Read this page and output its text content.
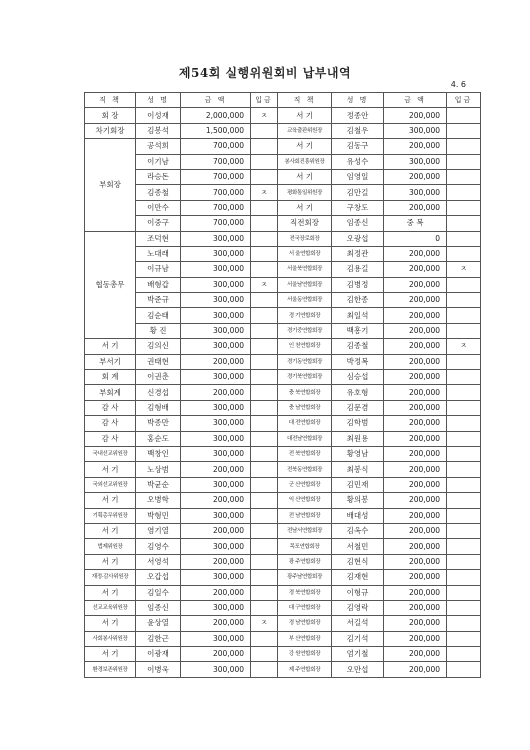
제54회 실행위원회비 납부내역
4. 6
직 책	성 명	금 액	입금	직 책	성 명	금 액	입금
회 장	이성재	2,000,000	ㅈ	서 기	정종안	200,000	
차기회장	김봉석	1,500,000		교육출판위원장	김철우	300,000	
부회장	공석희	700,000		서 기	김동구	200,000	
	이기남	700,000		봉사회진흥위원장	유성수	300,000	
	라승돈	700,000		서 기	임영일	200,000	
	김종철	700,000	ㅈ	평화통일위원장	김만길	300,000	
	이만수	700,000		서 기	구창도	200,000	
	이중구	700,000		직전회장	임종신	중 복	
협동총무	조덕현	300,000		전국장로회장	오광섭	0	
	노대래	300,000		서 울연합회장	최정관	200,000	
	이규남	300,000		서울북연합회장	김용길	200,000	ㅈ
	배형갑	300,000	ㅈ	서울남연합회장	김병정	200,000	
	박준규	300,000		서울동연합회장	김한종	200,000	
	김순태	300,000		경 기연합회장	최일석	200,000	
	황 진	300,000		경기중연합회장	백흥기	200,000	
서 기	김의신	300,000		인 천연합회장	김종철	200,000	ㅈ
부서기	권태현	200,000		경기동연합회장	박정복	200,000	
회 계	이권춘	300,000		경기북연합회장	심승섭	200,000	
부회계	신경섭	200,000		충 북연합회장	유호형	200,000	
감 사	김형배	300,000		충 남연합회장	김문겸	200,000	
감 사	박종만	300,000		대 전연합회장	김학범	200,000	
감 사	홍순도	300,000		대전남연합회장	최원용	200,000	
국내선교위원장	백창인	300,000		전 북연합회장	황영남	200,000	
서 기	노상범	200,000		전북동연합회장	최봉식	200,000	
국외선교위원장	박균순	300,000		군 산연합회장	김민재	200,000	
서 기	오병학	200,000		익 산연합회장	황의봉	200,000	
기획총무위원장	박형민	300,000		전 남연합회장	배대성	200,000	
서 기	염기열	200,000		전남서연합회장	김옥수	200,000	
법제위원장	김영수	300,000		목포연합회장	서철민	200,000	
서 기	서영석	200,000		광 주연합회장	김현식	200,000	
재정·감사위원장	오갑섭	300,000		광주남연합회장	김재현	200,000	
서 기	김일수	200,000		경 북연합회장	이형규	200,000	
선교교육위원장	임종신	300,000		대 구연합회장	김영락	200,000	
서 기	윤상열	200,000	ㅈ	경 남연합회장	서길석	200,000	
사회봉사위원장	김한근	300,000		부 산연합회장	김기석	200,000	
서 기	이광재	200,000		강 원연합회장	엄기철	200,000	
환경보존위원장	이병욱	300,000		제 주연합회장	오만섭	200,000	
